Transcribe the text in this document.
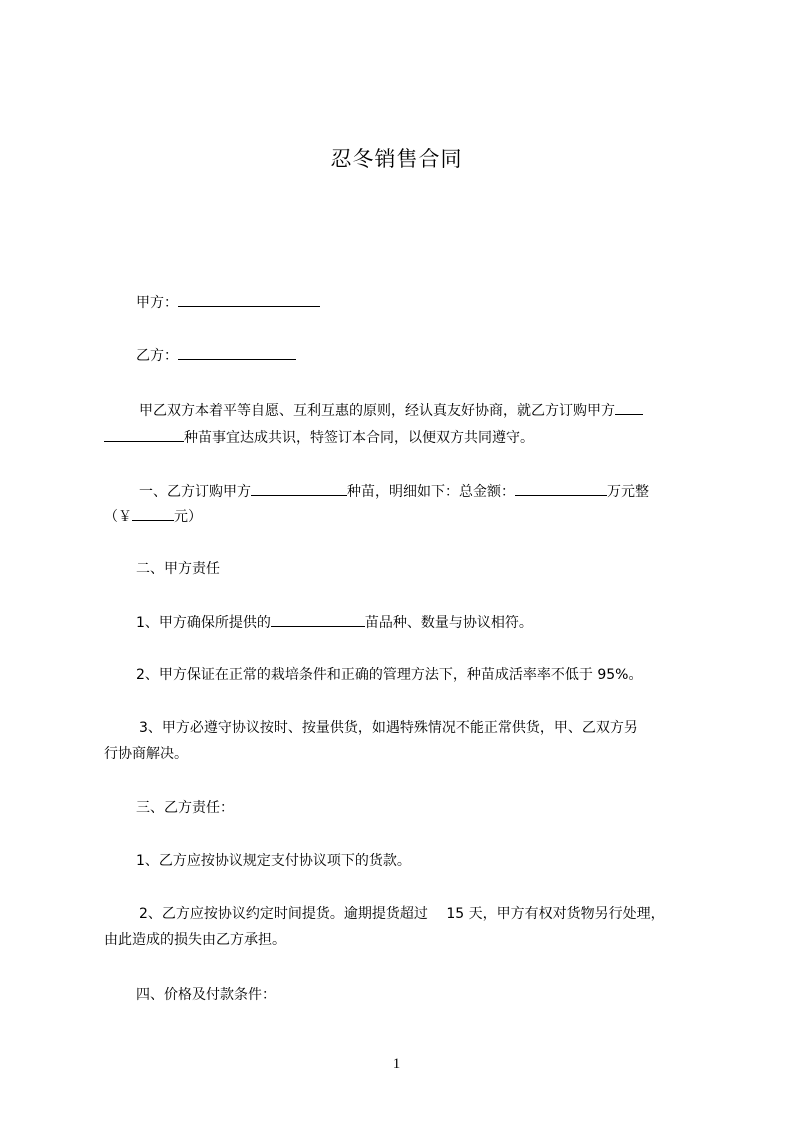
忍冬销售合同
甲方：
乙方：
甲乙双方本着平等自愿、互利互惠的原则，经认真友好协商，就乙方订购甲方
种苗事宜达成共识，特签订本合同，以便双方共同遵守。
一、乙方订购甲方	种苗，明细如下：总金额：	万元整
（￥	元）
二、甲方责任
1、甲方确保所提供的	苗品种、数量与协议相符。
2、甲方保证在正常的栽培条件和正确的管理方法下，种苗成活率率不低于 95%。
3、甲方必遵守协议按时、按量供货，如遇特殊情况不能正常供货，甲、乙双方另
行协商解决。
三、乙方责任：
1、乙方应按协议规定支付协议项下的货款。
2、乙方应按协议约定时间提货。逾期提货超过　 15 天，甲方有权对货物另行处理，
由此造成的损失由乙方承担。
四、价格及付款条件：
1
